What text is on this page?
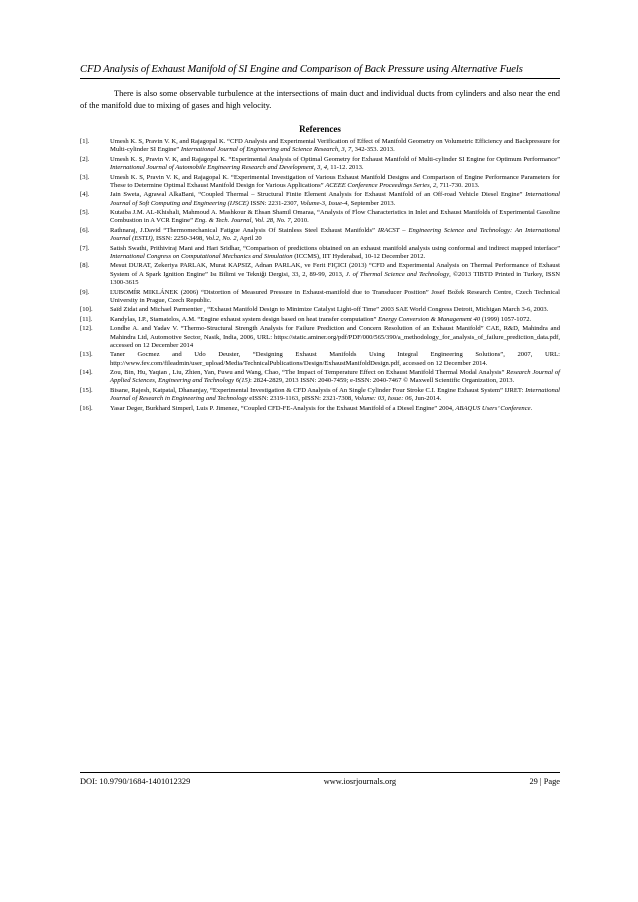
CFD Analysis of Exhaust Manifold of SI Engine and Comparison of Back Pressure using Alternative Fuels

There is also some observable turbulence at the intersections of main duct and individual ducts from cylinders and also near the end of the manifold due to mixing of gases and high velocity.

References
[1].	Umesh K. S, Pravin V. K, and Rajagopal K. “CFD Analysis and Experimental Verification of Effect of Manifold Geometry on Volumetric Efficiency and Backpressure for Multi-cylinder SI Engine” International Journal of Engineering and Science Research, 3, 7, 342-353. 2013.
[2].	Umesh K. S, Pravin V. K, and Rajagopal K. “Experimental Analysis of Optimal Geometry for Exhaust Manifold of Multi-cylinder SI Engine for Optimum Performance” International Journal of Automobile Engineering Research and Development, 3, 4, 11-12. 2013.
[3].	Umesh K. S, Pravin V. K, and Rajagopal K. “Experimental Investigation of Various Exhaust Manifold Designs and Comparison of Engine Performance Parameters for These to Determine Optimal Exhaust Manifold Design for Various Applications” ACEEE Conference Proceedings Series, 2, 711-730. 2013.
[4].	Jain Sweta, Agrawal AlkaBani, “Coupled Thermal – Structural Finite Element Analysis for Exhaust Manifold of an Off-road Vehicle Diesel Engine” International Journal of Soft Computing and Engineering (IJSCE) ISSN: 2231-2307, Volume-3, Issue-4, September 2013.
[5].	Kutaiba J.M. AL-Khishali, Mahmoud A. Mashkour & Ehsan Shamil Omaraa, “Analysis of Flow Characteristics in Inlet and Exhaust Manifolds of Experimental Gasoline Combustion in A VCR Engine” Eng. & Tech. Journal, Vol. 28, No. 7, 2010.
[6].	Rathnaraj, J.David “Thermomechanical Fatigue Analysis Of Stainless Steel Exhaust Manifolds” IRACST – Engineering Science and Technology: An International Journal (ESTIJ), ISSN: 2250-3498, Vol.2, No. 2, April 20
[7].	Satish Swathi, Prithiviraj Mani and Hari Sridhar, “Comparison of predictions obtained on an exhaust manifold analysis using conformal and indirect mapped interface” International Congress on Computational Mechanics and Simulation (ICCMS), IIT Hyderabad, 10-12 December 2012.
[8].	Mesut DURAT, Zekeriya PARLAK, Murat KAPSIZ, Adnan PARLAK, ve Ferit FIÇICI (2013) “CFD and Experimental Analysis on Thermal Performance of Exhaust System of A Spark Ignition Engine” Isı Bilimi ve Tekniği Dergisi, 33, 2, 89-99, 2013, J. of Thermal Science and Technology, ©2013 TIBTD Printed in Turkey, ISSN 1300-3615
[9].	ĽUBOMÍR MIKLÁNEK (2006) “Distortion of Measured Pressure in Exhaust-manifold due to Transducer Position” Josef Božek Research Centre, Czech Technical University in Prague, Czech Republic.
[10].	Saïd Zidat and Michael Parmentier , “Exhaust Manifold Design to Minimize Catalyst Light-off Time” 2003 SAE World Congress Detroit, Michigan March 3-6, 2003.
[11].	Kandylas, I.P., Stamatelos, A.M. “Engine exhaust system design based on heat transfer computation” Energy Conversion & Management 40 (1999) 1057-1072.
[12].	Londhe A. and Yadav V. “Thermo-Structural Strength Analysis for Failure Prediction and Concern Resolution of an Exhaust Manifold” CAE, R&D, Mahindra and Mahindra Ltd, Automotive Sector, Nasik, India, 2006, URL: https://static.aminer.org/pdf/PDF/000/565/390/a_methodology_for_analysis_of_failure_prediction_data.pdf, accessed on 12 December 2014
[13].	Taner Gocmez and Udo Deuster, “Designing Exhaust Manifolds Using Integral Engineering Solutions”, 2007, URL: http://www.fev.com/fileadmin/user_upload/Media/TechnicalPublications/Design/ExhaustManifoldDesign.pdf, accessed on 12 December 2014.
[14].	Zou, Bin, Hu, Yaqian , Liu, Zhien, Yan, Fuwu and Wang, Chao, “The Impact of Temperature Effect on Exhaust Manifold Thermal Modal Analysis” Research Journal of Applied Sciences, Engineering and Technology 6(15): 2824-2829, 2013 ISSN: 2040-7459; e-ISSN: 2040-7467 © Maxwell Scientific Organization, 2013.
[15].	Bisane, Rajesh, Katpatal, Dhananjay, “Experimental Investigation & CFD Analysis of An Single Cylinder Four Stroke C.I. Engine Exhaust System” IJRET: International Journal of Research in Engineering and Technology eISSN: 2319-1163, pISSN: 2321-7308, Volume: 03, Issue: 06, Jun-2014.
[16].	Yasar Deger, Burkhard Simperl, Luis P. Jimenez, “Coupled CFD-FE-Analysis for the Exhaust Manifold of a Diesel Engine” 2004, ABAQUS Users’ Conference.
DOI: 10.9790/1684-1401012329	www.iosrjournals.org	29 | Page
